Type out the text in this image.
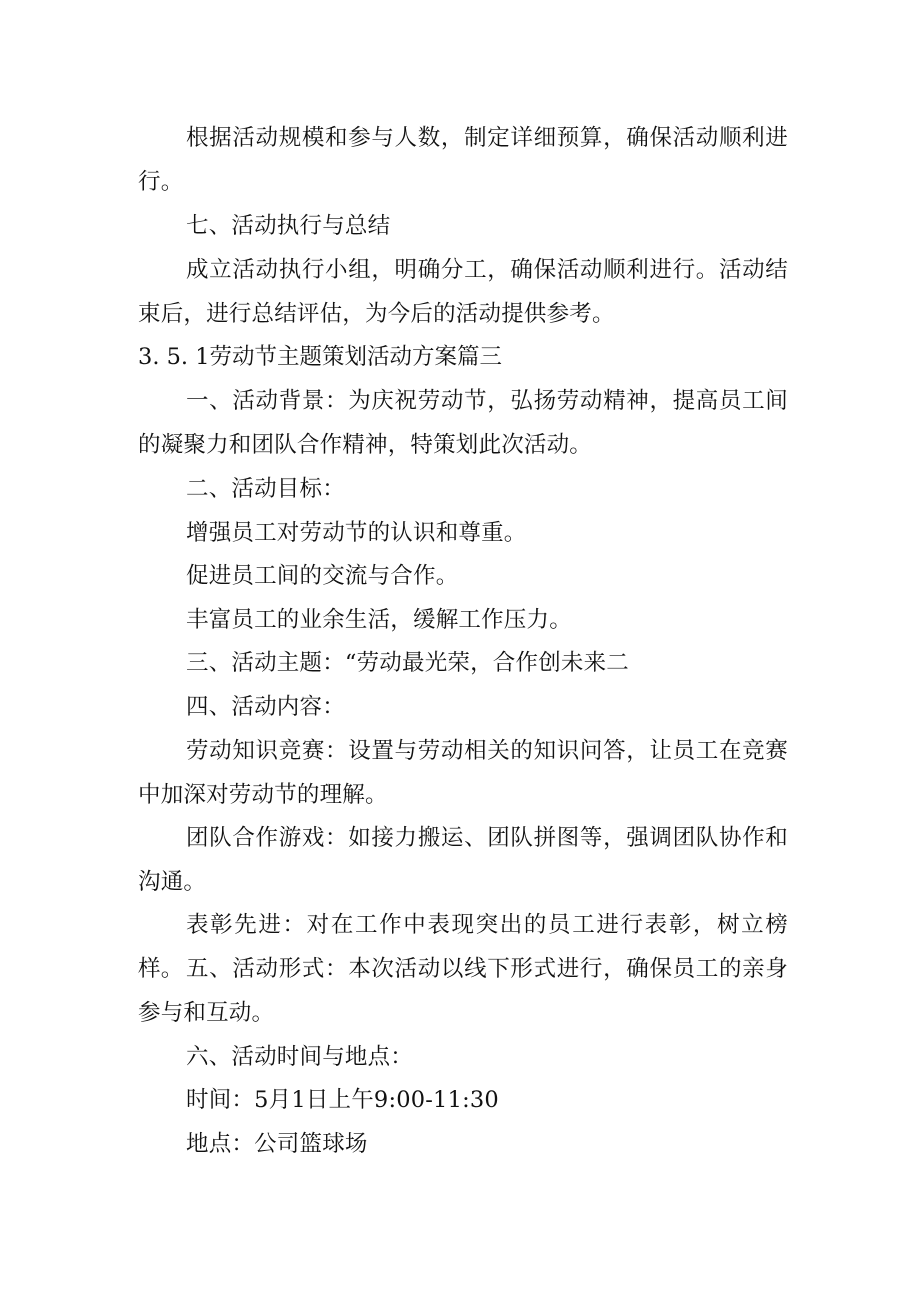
根据活动规模和参与人数，制定详细预算，确保活动顺利进行。

七、活动执行与总结

成立活动执行小组，明确分工，确保活动顺利进行。活动结束后，进行总结评估，为今后的活动提供参考。

3. 5. 1劳动节主题策划活动方案篇三

一、活动背景：为庆祝劳动节，弘扬劳动精神，提高员工间的凝聚力和团队合作精神，特策划此次活动。

二、活动目标：

增强员工对劳动节的认识和尊重。

促进员工间的交流与合作。

丰富员工的业余生活，缓解工作压力。

三、活动主题：“劳动最光荣，合作创未来二

四、活动内容：

劳动知识竞赛：设置与劳动相关的知识问答，让员工在竞赛中加深对劳动节的理解。

团队合作游戏：如接力搬运、团队拼图等，强调团队协作和沟通。

表彰先进：对在工作中表现突出的员工进行表彰，树立榜样。 五、活动形式：本次活动以线下形式进行，确保员工的亲身参与和互动。

六、活动时间与地点：

时间：5月1日上午9:00-11:30

地点：公司篮球场
